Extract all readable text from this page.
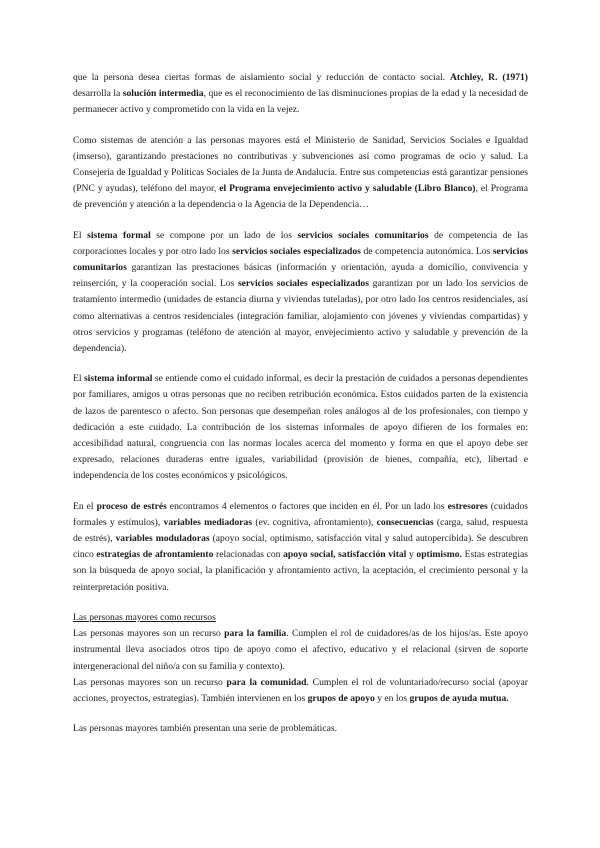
que la persona desea ciertas formas de aislamiento social y reducción de contacto social. Atchley, R. (1971) desarrolla la solución intermedia, que es el reconocimiento de las disminuciones propias de la edad y la necesidad de permanecer activo y comprometido con la vida en la vejez.

Como sistemas de atención a las personas mayores está el Ministerio de Sanidad, Servicios Sociales e Igualdad (imserso), garantizando prestaciones no contributivas y subvenciones así como programas de ocio y salud. La Consejería de Igualdad y Políticas Sociales de la Junta de Andalucía. Entre sus competencias está garantizar pensiones (PNC y ayudas), teléfono del mayor, el Programa envejecimiento activo y saludable (Libro Blanco), el Programa de prevención y atención a la dependencia o la Agencia de la Dependencia…

El sistema formal se compone por un lado de los servicios sociales comunitarios de competencia de las corporaciones locales y por otro lado los servicios sociales especializados de competencia autonómica. Los servicios comunitarios garantizan las prestaciones básicas (información y orientación, ayuda a domicilio, convivencia y reinserción, y la cooperación social. Los servicios sociales especializados garantizan por un lado los servicios de tratamiento intermedio (unidades de estancia diurna y viviendas tuteladas), por otro lado los centros residenciales, así como alternativas a centros residenciales (integración familiar, alojamiento con jóvenes y viviendas compartidas) y otros servicios y programas (teléfono de atención al mayor, envejecimiento activo y saludable y prevención de la dependencia).

El sistema informal se entiende como el cuidado informal, es decir la prestación de cuidados a personas dependientes por familiares, amigos u otras personas que no reciben retribución económica. Estos cuidados parten de la existencia de lazos de parentesco o afecto. Son personas que desempeñan roles análogos al de los profesionales, con tiempo y dedicación a este cuidado. La contribución de los sistemas informales de apoyo difieren de los formales en: accesibilidad natural, congruencia con las normas locales acerca del momento y forma en que el apoyo debe ser expresado, relaciones duraderas entre iguales, variabilidad (provisión de bienes, compañía, etc), libertad e independencia de los costes económicos y psicológicos.

En el proceso de estrés encontramos 4 elementos o factores que inciden en él. Por un lado los estresores (cuidados formales y estímulos), variables mediadoras (ev. cognitiva, afrontamiento), consecuencias (carga, salud, respuesta de estrés), variables moduladoras (apoyo social, optimismo, satisfacción vital y salud autopercibida). Se descubren cinco estrategias de afrontamiento relacionadas con apoyo social, satisfacción vital y optimismo. Estas estrategias son la búsqueda de apoyo social, la planificación y afrontamiento activo, la aceptación, el crecimiento personal y la reinterpretación positiva.

Las personas mayores como recursos

Las personas mayores son un recurso para la familia. Cumplen el rol de cuidadores/as de los hijos/as. Este apoyo instrumental lleva asociados otros tipo de apoyo como el afectivo, educativo y el relacional (sirven de soporte intergeneracional del niño/a con su familia y contexto).

Las personas mayores son un recurso para la comunidad. Cumplen el rol de voluntariado/recurso social (apoyar acciones, proyectos, estrategias). También intervienen en los grupos de apoyo y en los grupos de ayuda mutua.

Las personas mayores también presentan una serie de problemáticas.
